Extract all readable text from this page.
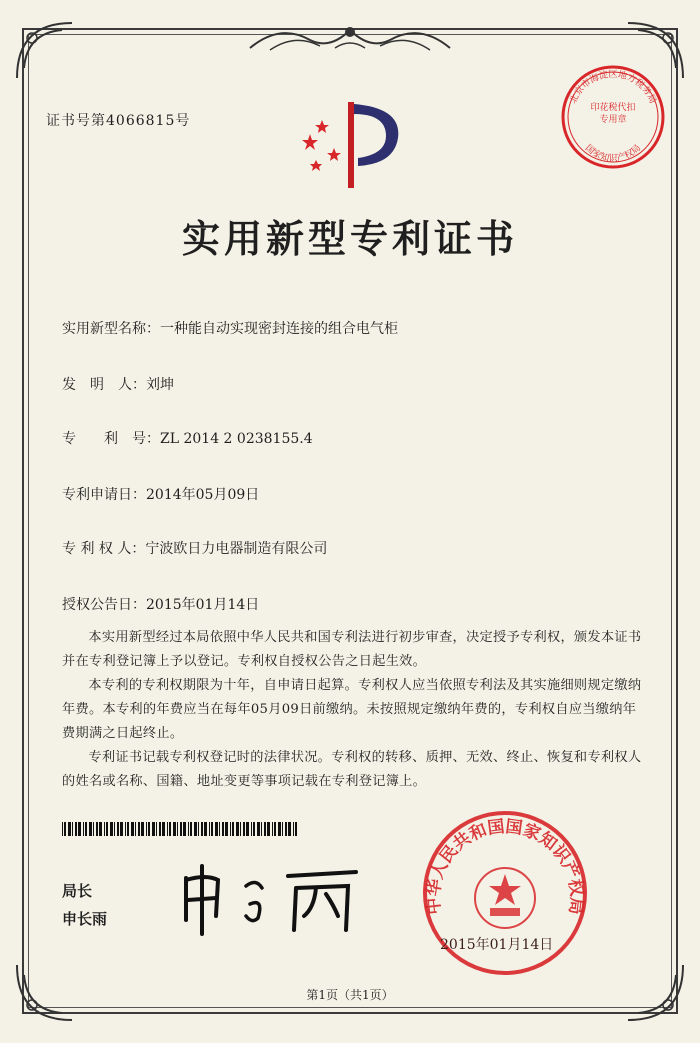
证书号第4066815号
实用新型专利证书
实用新型名称：一种能自动实现密封连接的组合电气柜
发　明　人：刘坤
专　　利　号：ZL 2014 2 0238155.4
专利申请日：2014年05月09日
专 利 权 人：宁波欧日力电器制造有限公司
授权公告日：2015年01月14日

本实用新型经过本局依照中华人民共和国专利法进行初步审查，决定授予专利权，颁发本证书并在专利登记簿上予以登记。专利权自授权公告之日起生效。

本专利的专利权期限为十年，自申请日起算。专利权人应当依照专利法及其实施细则规定缴纳年费。本专利的年费应当在每年05月09日前缴纳。未按照规定缴纳年费的，专利权自应当缴纳年费期满之日起终止。

专利证书记载专利权登记时的法律状况。专利权的转移、质押、无效、终止、恢复和专利权人的姓名或名称、国籍、地址变更等事项记载在专利登记簿上。

局长
申长雨
北京市海淀区地方税务局
国家知识产权局
印花税代扣专用章
中华人民共和国国家知识产权局
2015年01月14日
第1页（共1页）
